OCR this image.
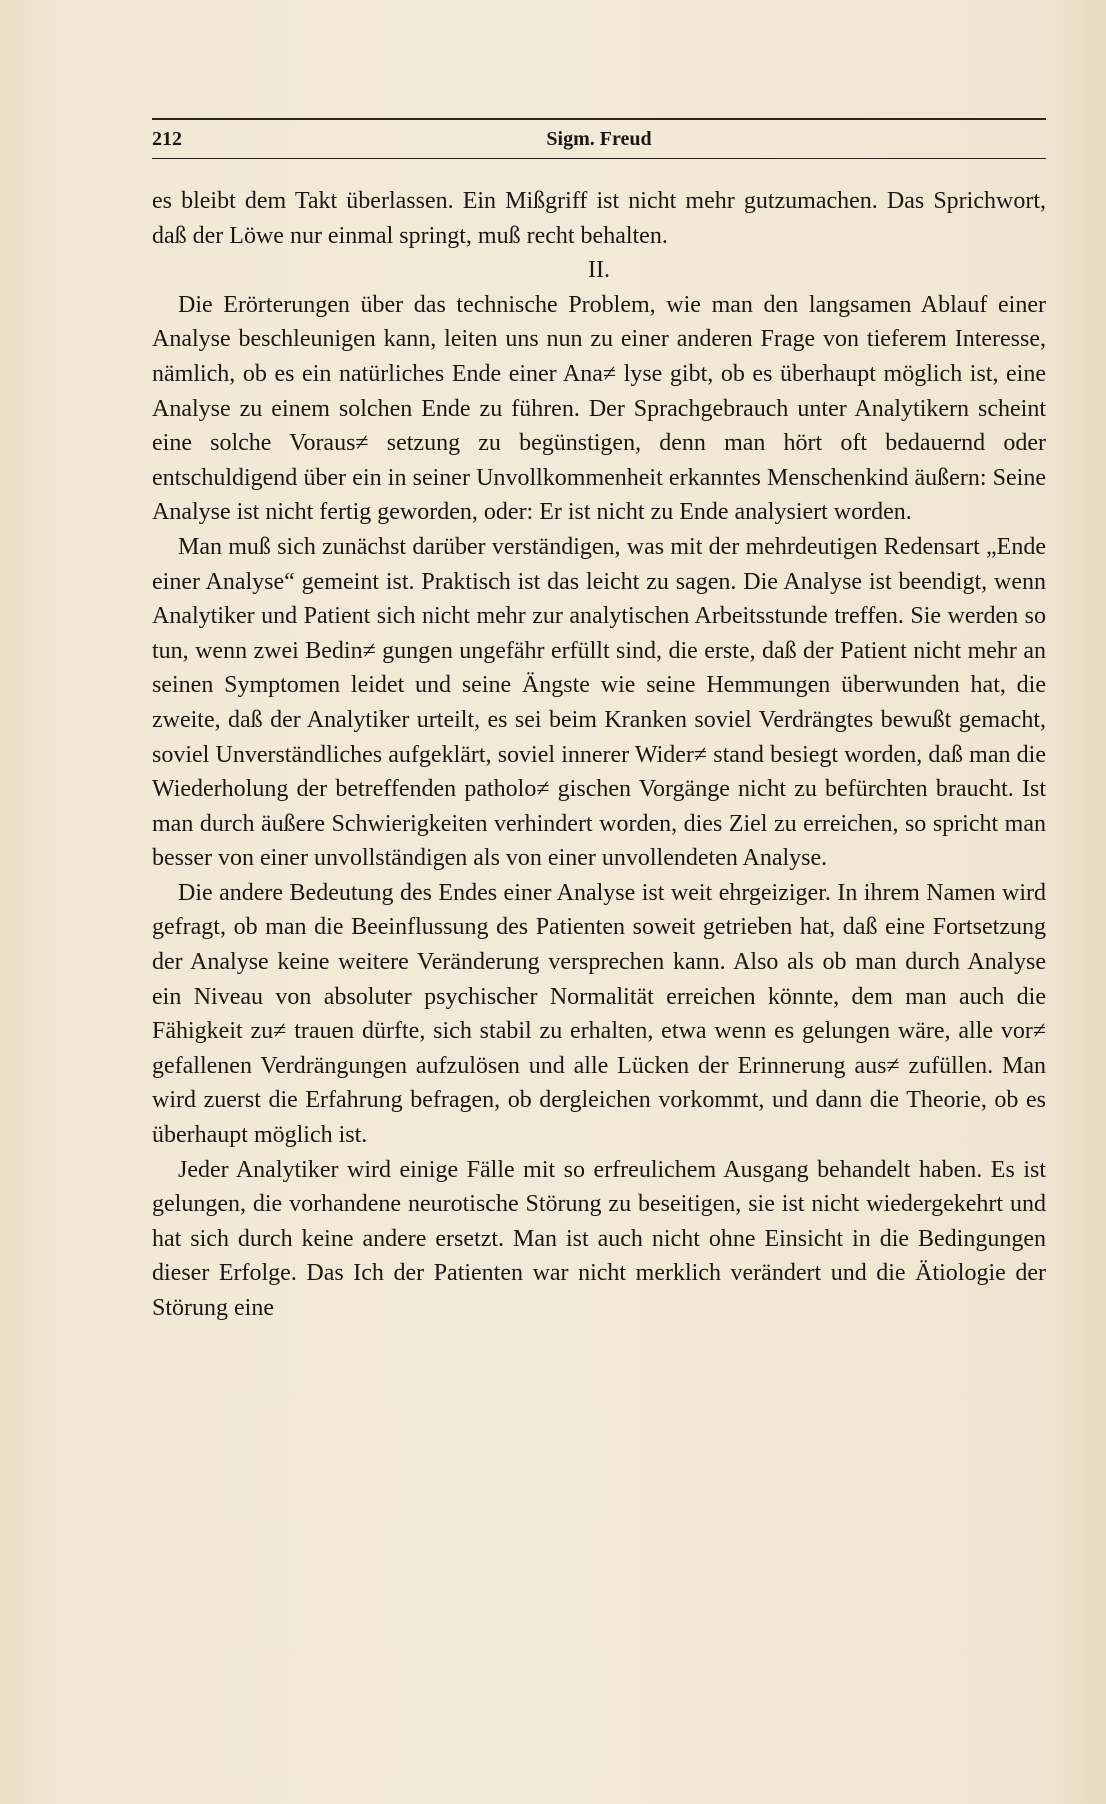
212	Sigm. Freud

es bleibt dem Takt überlassen. Ein Mißgriff ist nicht mehr gutzumachen. Das Sprichwort, daß der Löwe nur einmal springt, muß recht behalten.

II.

Die Erörterungen über das technische Problem, wie man den langsamen Ablauf einer Analyse beschleunigen kann, leiten uns nun zu einer anderen Frage von tieferem Interesse, nämlich, ob es ein natürliches Ende einer Ana≠ lyse gibt, ob es überhaupt möglich ist, eine Analyse zu einem solchen Ende zu führen. Der Sprachgebrauch unter Analytikern scheint eine solche Voraus≠ setzung zu begünstigen, denn man hört oft bedauernd oder entschuldigend über ein in seiner Unvollkommenheit erkanntes Menschenkind äußern: Seine Analyse ist nicht fertig geworden, oder: Er ist nicht zu Ende analysiert worden.

Man muß sich zunächst darüber verständigen, was mit der mehrdeutigen Redensart „Ende einer Analyse“ gemeint ist. Praktisch ist das leicht zu sagen. Die Analyse ist beendigt, wenn Analytiker und Patient sich nicht mehr zur analytischen Arbeitsstunde treffen. Sie werden so tun, wenn zwei Bedin≠ gungen ungefähr erfüllt sind, die erste, daß der Patient nicht mehr an seinen Symptomen leidet und seine Ängste wie seine Hemmungen überwunden hat, die zweite, daß der Analytiker urteilt, es sei beim Kranken soviel Verdrängtes bewußt gemacht, soviel Unverständliches aufgeklärt, soviel innerer Wider≠ stand besiegt worden, daß man die Wiederholung der betreffenden patholo≠ gischen Vorgänge nicht zu befürchten braucht. Ist man durch äußere Schwierigkeiten verhindert worden, dies Ziel zu erreichen, so spricht man besser von einer unvollständigen als von einer unvollendeten Analyse.

Die andere Bedeutung des Endes einer Analyse ist weit ehrgeiziger. In ihrem Namen wird gefragt, ob man die Beeinflussung des Patienten soweit getrieben hat, daß eine Fortsetzung der Analyse keine weitere Veränderung versprechen kann. Also als ob man durch Analyse ein Niveau von absoluter psychischer Normalität erreichen könnte, dem man auch die Fähigkeit zu≠ trauen dürfte, sich stabil zu erhalten, etwa wenn es gelungen wäre, alle vor≠ gefallenen Verdrängungen aufzulösen und alle Lücken der Erinnerung aus≠ zufüllen. Man wird zuerst die Erfahrung befragen, ob dergleichen vorkommt, und dann die Theorie, ob es überhaupt möglich ist.

Jeder Analytiker wird einige Fälle mit so erfreulichem Ausgang behandelt haben. Es ist gelungen, die vorhandene neurotische Störung zu beseitigen, sie ist nicht wiedergekehrt und hat sich durch keine andere ersetzt. Man ist auch nicht ohne Einsicht in die Bedingungen dieser Erfolge. Das Ich der Patienten war nicht merklich verändert und die Ätiologie der Störung eine
